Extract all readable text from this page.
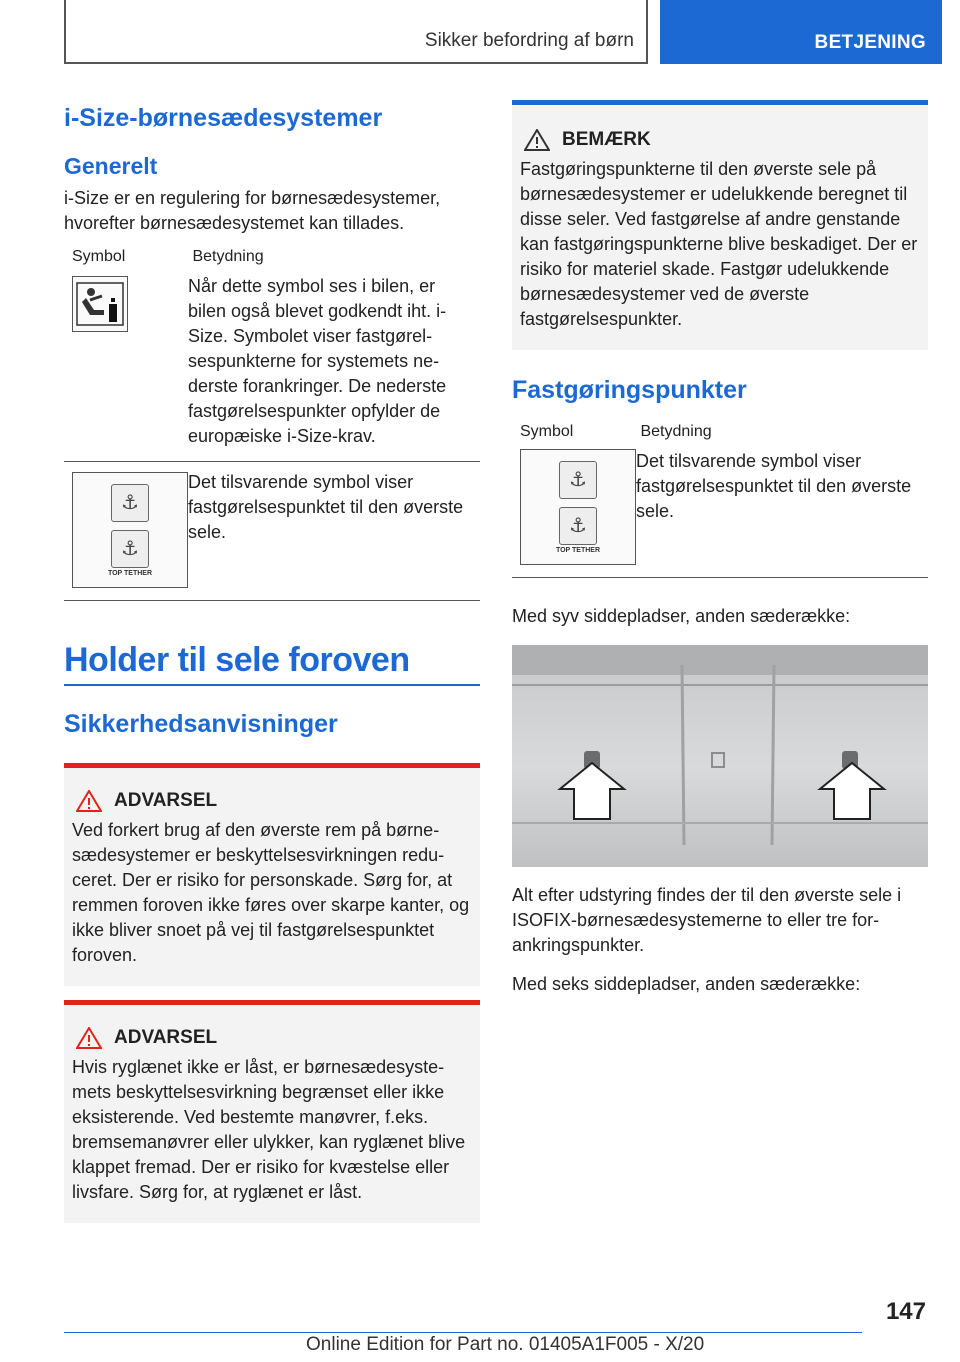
Sikker befordring af børn	BETJENING
i-Size-børnesædesystemer
Generelt

i-Size er en regulering for børnesædesystemer, hvorefter børnesædesystemet kan tillades.

Symbol	Betydning
Når dette symbol ses i bilen, er bilen også blevet godkendt iht. i-Size. Symbolet viser fastgørelsespunkterne for systemets nederste forankringer. De nederste fastgørelsespunkter opfylder de europæiske i-Size-krav.
⚓
⚓
TOP TETHER
Det tilsvarende symbol viser fastgørelsespunktet til den øverste sele.
Holder til sele foroven
Sikkerhedsanvisninger
ADVARSEL

Ved forkert brug af den øverste rem på børnesædesystemer er beskyttelsesvirkningen reduceret. Der er risiko for personskade. Sørg for, at remmen foroven ikke føres over skarpe kanter, og ikke bliver snoet på vej til fastgørelsespunktet foroven.

ADVARSEL

Hvis ryglænet ikke er låst, er børnesædesystemets beskyttelsesvirkning begrænset eller ikke eksisterende. Ved bestemte manøvrer, f.eks. bremsemanøvrer eller ulykker, kan ryglænet blive klappet fremad. Der er risiko for kvæstelse eller livsfare. Sørg for, at ryglænet er låst.

BEMÆRK

Fastgøringspunkterne til den øverste sele på børnesædesystemer er udelukkende beregnet til disse seler. Ved fastgørelse af andre genstande kan fastgøringspunkterne blive beskadiget. Der er risiko for materiel skade. Fastgør udelukkende børnesædesystemer ved de øverste fastgørelsespunkter.

Fastgøringspunkter
Symbol	Betydning
⚓
⚓
TOP TETHER
Det tilsvarende symbol viser fastgørelsespunktet til den øverste sele.

Med syv siddepladser, anden sæderække:

Alt efter udstyring findes der til den øverste sele i ISOFIX-børnesædesystemerne to eller tre forankringspunkter.

Med seks siddepladser, anden sæderække:

147
Online Edition for Part no. 01405A1F005 - X/20
